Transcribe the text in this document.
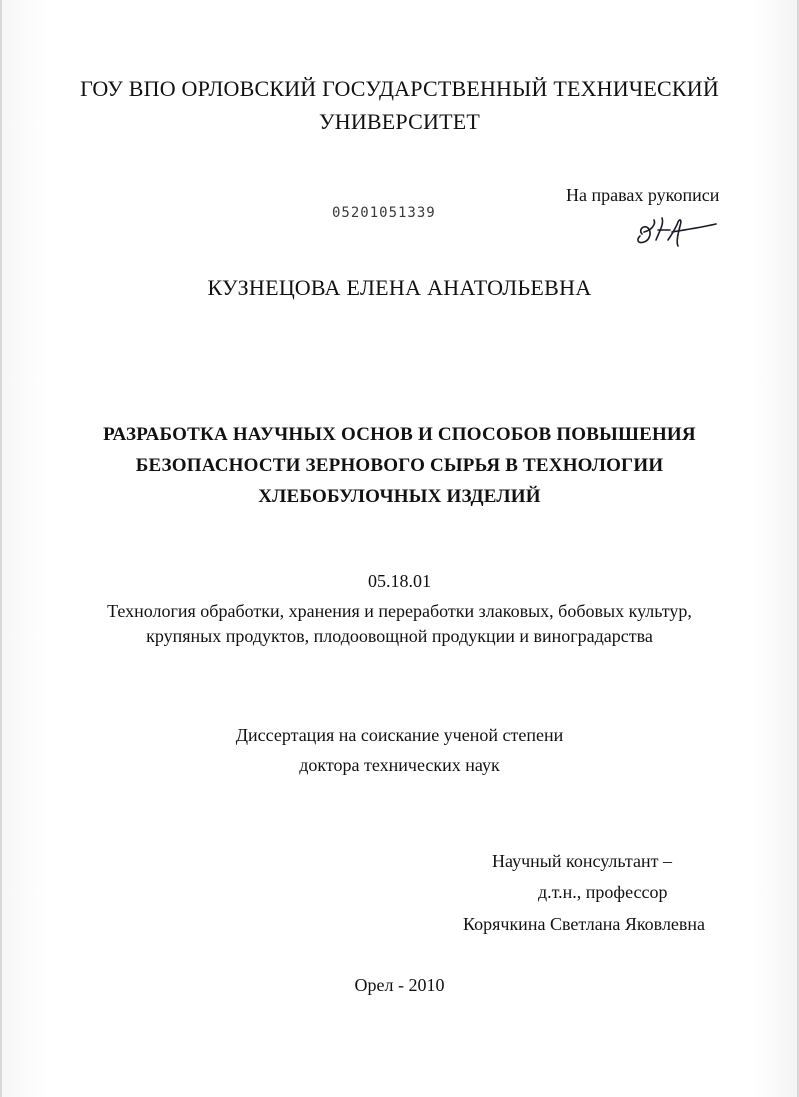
ГОУ ВПО ОРЛОВСКИЙ ГОСУДАРСТВЕННЫЙ ТЕХНИЧЕСКИЙ
УНИВЕРСИТЕТ
На правах рукописи
05201051339
КУЗНЕЦОВА ЕЛЕНА АНАТОЛЬЕВНА
РАЗРАБОТКА НАУЧНЫХ ОСНОВ И СПОСОБОВ ПОВЫШЕНИЯ
БЕЗОПАСНОСТИ ЗЕРНОВОГО СЫРЬЯ В ТЕХНОЛОГИИ
ХЛЕБОБУЛОЧНЫХ ИЗДЕЛИЙ
05.18.01
Технология обработки, хранения и переработки злаковых, бобовых культур,
крупяных продуктов, плодоовощной продукции и виноградарства
Диссертация на соискание ученой степени
доктора технических наук
Научный консультант –
д.т.н., профессор
Корячкина Светлана Яковлевна
Орел - 2010
